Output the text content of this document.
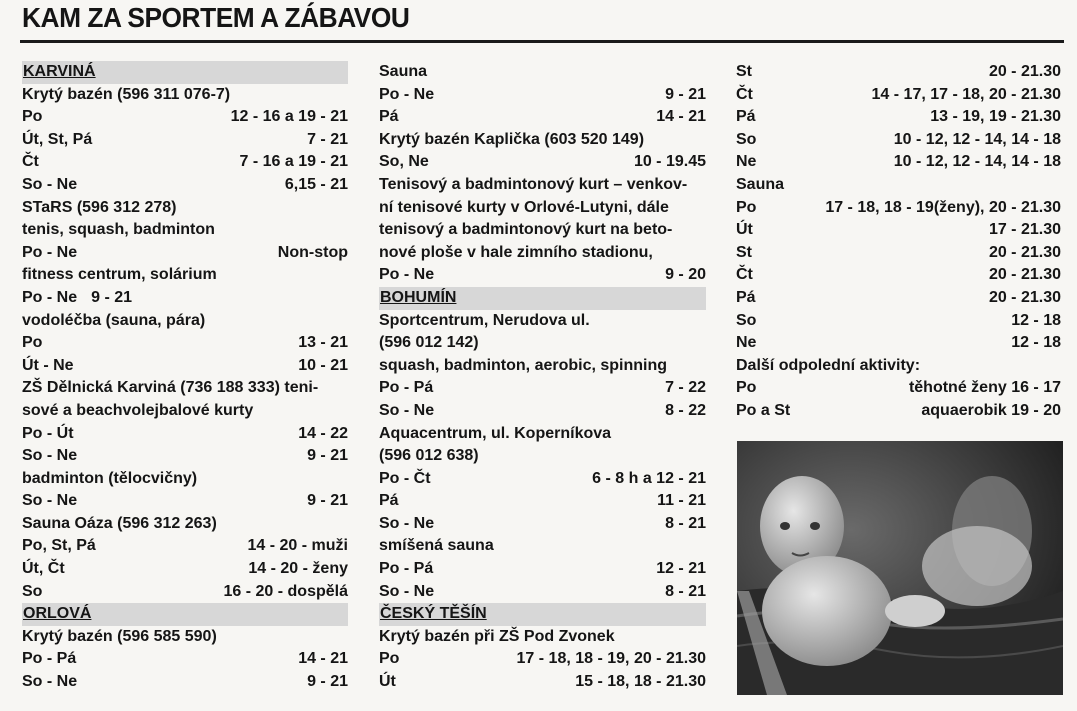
KAM ZA SPORTEM A ZÁBAVOU
KARVINÁ
Krytý bazén (596 311 076-7)
Po	12 - 16 a 19 - 21
Út, St, Pá	7 - 21
Čt	7 - 16 a 19 - 21
So - Ne	6,15 - 21
STaRS (596 312 278)
tenis, squash, badminton
Po - Ne	Non-stop
fitness centrum, solárium
Po - Ne 9 - 21
vodoléčba (sauna, pára)
Po	13 - 21
Út - Ne	10 - 21
ZŠ Dělnická Karviná (736 188 333) teni-
sové a beachvolejbalové kurty
Po - Út	14 - 22
So - Ne	9 - 21
badminton (tělocvičny)
So - Ne	9 - 21
Sauna Oáza (596 312 263)
Po, St, Pá	14 - 20 - muži
Út, Čt	14 - 20 - ženy
So	16 - 20 - dospělá
ORLOVÁ
Krytý bazén (596 585 590)
Po - Pá	14 - 21
So - Ne	9 - 21
Sauna
Po - Ne	9 - 21
Pá	14 - 21
Krytý bazén Kaplička (603 520 149)
So, Ne	10 - 19.45
Tenisový a badmintonový kurt – venkov-
ní tenisové kurty v Orlové-Lutyni, dále
tenisový a badmintonový kurt na beto-
nové ploše v hale zimního stadionu,
Po - Ne	9 - 20
BOHUMÍN
Sportcentrum, Nerudova ul.
(596 012 142)
squash, badminton, aerobic, spinning
Po - Pá	7 - 22
So - Ne	8 - 22
Aquacentrum, ul. Koperníkova
(596 012 638)
Po - Čt	6 - 8 h a 12 - 21
Pá	11 - 21
So - Ne	8 - 21
smíšená sauna
Po - Pá	12 - 21
So - Ne	8 - 21
ČESKÝ TĚŠÍN
Krytý bazén při ZŠ Pod Zvonek
Po	17 - 18, 18 - 19, 20 - 21.30
Út	15 - 18, 18 - 21.30
St	20 - 21.30
Čt	14 - 17, 17 - 18, 20 - 21.30
Pá	13 - 19, 19 - 21.30
So	10 - 12, 12 - 14, 14 - 18
Ne	10 - 12, 12 - 14, 14 - 18
Sauna
Po	17 - 18, 18 - 19(ženy), 20 - 21.30
Út	17 - 21.30
St	20 - 21.30
Čt	20 - 21.30
Pá	20 - 21.30
So	12 - 18
Ne	12 - 18
Další odpolední aktivity:
Po	těhotné ženy 16 - 17
Po a St	aquaerobik 19 - 20
